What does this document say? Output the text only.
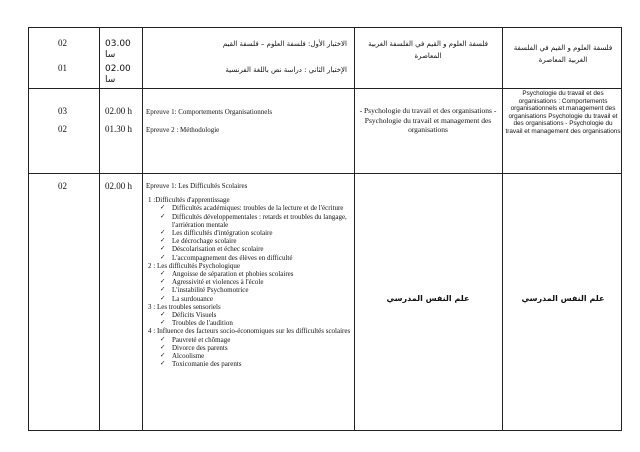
02
01
03.00 سا
02.00 سا
الاختبار الأول: فلسفة العلوم – فلسفة القيم
الإختبار الثاني : دراسة نص باللغة الفرنسية
فلسفة العلوم و القيم في الفلسفة الغربية المعاصرة
فلسفة العلوم و القيم في الفلسفة الغربية المعاصرة
03
02
02.00 h
01.30 h
Epreuve 1: Comportements Organisationnels
Epreuve 2 : Méthodologie
- Psychologie du travail et des organisations - Psychologie du travail et management des organisations
Psychologie du travail et des organisations : Comportements organisationnels et management des organisations Psychologie du travail et des organisations - Psychologie du travail et management des organisations
02	02.00 h Epreuve 1: Les Difficultés Scolaires
1 :Difficultés d'apprentissage
✓ Difficultés académiques: troubles de la lecture et de l'écriture
✓ Difficultés développementales : retards et troubles du langage, l'arriération mentale
✓ Les difficultés d'intégration scolaire
✓ Le décrochage scolaire
✓ Déscolarisation et échec scolaire
✓ L'accompagnement des élèves en difficulté
2 : Les difficultés Psychologique
✓ Angoisse de séparation et phobies scolaires
✓ Agressivité et violences à l'école
✓ L'instabilité Psychomotrice
✓ La surdouance
3 : Les troubles sensoriels
✓ Déficits Visuels
✓ Troubles de l'audition
4 : Influence des facteurs socio-économiques sur les difficultés scolaires
✓ Pauvreté et chômage
✓ Divorce des parents
✓ Alcoolisme
✓ Toxicomanie des parents
علم النفس المدرسي	علم النفس المدرسي
